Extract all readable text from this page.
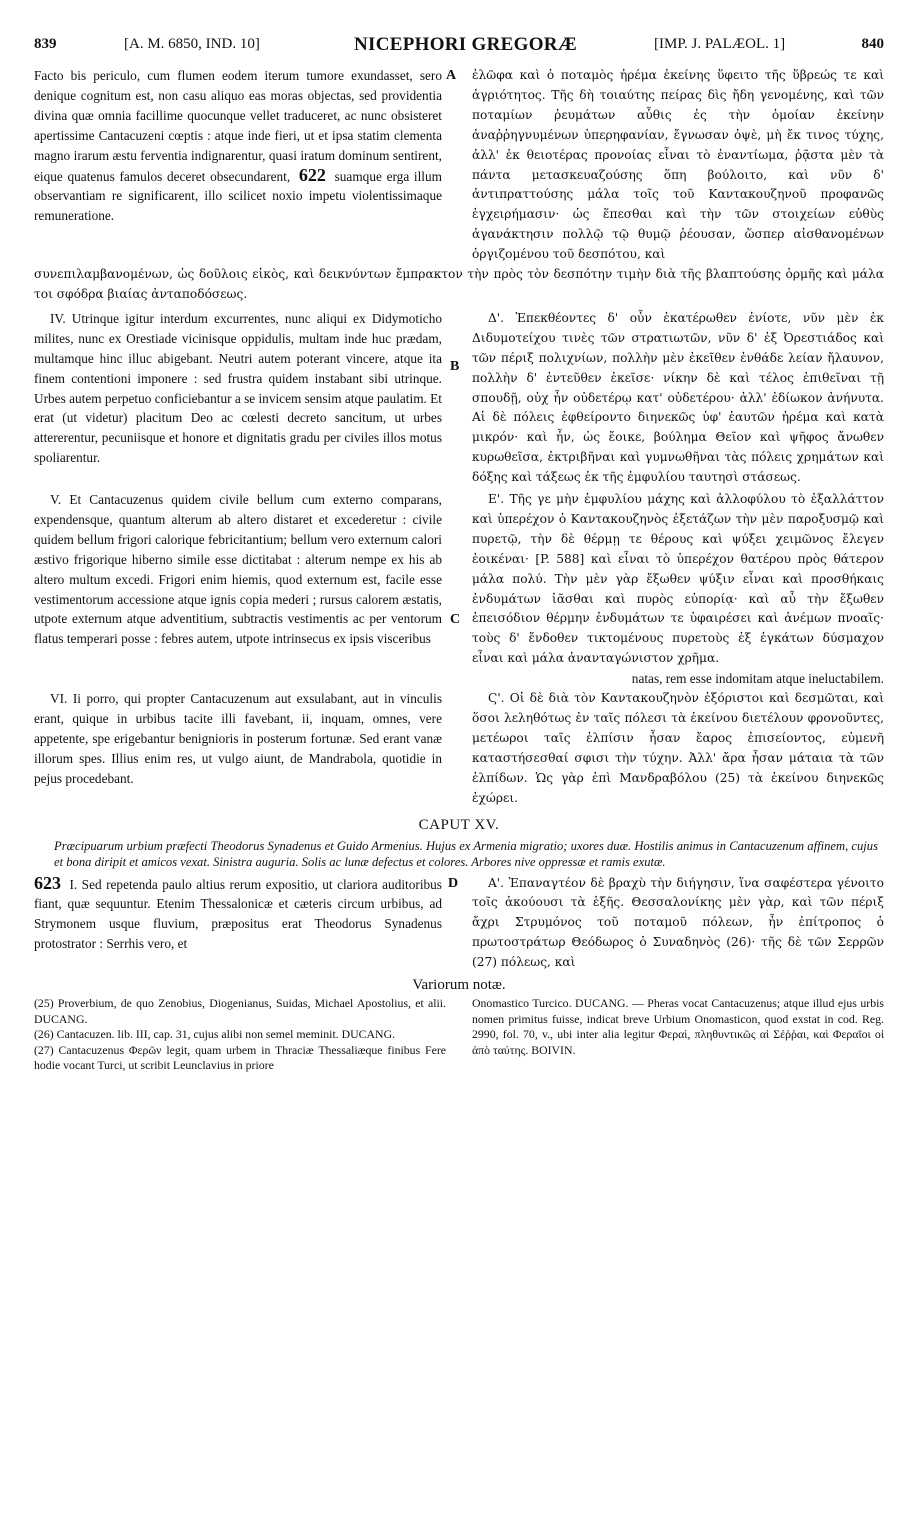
839	[A. M. 6850, IND. 10]	NICEPHORI GREGORÆ	[IMP. J. PALÆOL. 1]	840
A

Facto bis periculo, cum flumen eodem iterum tumore exundasset, sero denique cognitum est, non casu aliquo eas moras objectas, sed providentia divina quæ omnia facillime quocunque vellet traduceret, ac nunc obsisteret apertissime Cantacuzeni cœptis : atque inde fieri, ut et ipsa statim clementa magno irarum æstu ferventia indignarentur, quasi iratum dominum sentirent, eique quatenus famulos deceret obsecundarent, 622 suamque erga illum observantiam re significarent, illo scilicet noxio impetu violentissimaque remuneratione.

ἐλῶφα καὶ ὁ ποταμὸς ἠρέμα ἐκείνης ὕφειτο τῆς ὕβρεώς τε καὶ ἀγριότητος. Τῆς δὴ τοιαύτης πείρας δὶς ἤδη γενομένης, καὶ τῶν ποταμίων ῥευμάτων αὖθις ἐς τὴν ὁμοίαν ἐκείνην ἀναῤῥηγνυμένων ὑπερηφανίαν, ἔγνωσαν ὀψὲ, μὴ ἔκ τινος τύχης, ἀλλ' ἐκ θειοτέρας προνοίας εἶναι τὸ ἐναντίωμα, ῥᾷστα μὲν τὰ πάντα μετασκευαζούσης ὅπη βούλοιτο, καὶ νῦν δ' ἀντιπραττούσης μάλα τοῖς τοῦ Καντακουζηνοῦ προφανῶς ἐγχειρήμασιν· ὡς ἕπεσθαι καὶ τὴν τῶν στοιχείων εὐθὺς ἀγανάκτησιν πολλῷ τῷ θυμῷ ῥέουσαν, ὥσπερ αἰσθανομένων ὀργιζομένου τοῦ δεσπότου, καὶ

συνεπιλαμβανομένων, ὡς δοῦλοις εἰκὸς, καὶ δεικνύντων ἔμπρακτον τὴν πρὸς τὸν δεσπότην τιμὴν διὰ τῆς βλαπτούσης ὁρμῆς καὶ μάλα τοι σφόδρα βιαίας ἀνταποδόσεως.

B

IV. Utrinque igitur interdum excurrentes, nunc aliqui ex Didymoticho milites, nunc ex Orestiade vicinisque oppidulis, multam inde huc prædam, multamque hinc illuc abigebant. Neutri autem poterant vincere, atque ita finem contentioni imponere : sed frustra quidem instabant sibi utrinque. Urbes autem perpetuo conficiebantur a se invicem sensim atque paulatim. Et erat (ut videtur) placitum Deo ac cœlesti decreto sancitum, ut urbes attererentur, pecuniisque et honore et dignitatis gradu per civiles illos motus spoliarentur.

Δ'. Ἐπεκθέοντες δ' οὖν ἑκατέρωθεν ἐνίοτε, νῦν μὲν ἐκ Διδυμοτείχου τινὲς τῶν στρατιωτῶν, νῦν δ' ἐξ Ὀρεστιάδος καὶ τῶν πέριξ πολιχνίων, πολλὴν μὲν ἐκεῖθεν ἐνθάδε λείαν ἤλαυνον, πολλὴν δ' ἐντεῦθεν ἐκεῖσε· νίκην δὲ καὶ τέλος ἐπιθεῖναι τῇ σπουδῇ, οὐχ ἦν οὐδετέρῳ κατ' οὐδετέρου· ἀλλ' ἐδίωκον ἀνήνυτα. Αἱ δὲ πόλεις ἐφθείροντο διηνεκῶς ὑφ' ἑαυτῶν ἠρέμα καὶ κατὰ μικρόν· καὶ ἦν, ὡς ἔοικε, βούλημα Θεῖον καὶ ψῆφος ἄνωθεν κυρωθεῖσα, ἐκτριβῆναι καὶ γυμνωθῆναι τὰς πόλεις χρημάτων καὶ δόξης καὶ τάξεως ἐκ τῆς ἐμφυλίου ταυτησὶ στάσεως.

C

V. Et Cantacuzenus quidem civile bellum cum externo comparans, expendensque, quantum alterum ab altero distaret et excederetur : civile quidem bellum frigori calorique febricitantium; bellum vero externum calori æstivo frigorique hiberno simile esse dictitabat : alterum nempe ex his ab altero multum excedi. Frigori enim hiemis, quod externum est, facile esse vestimentorum accessione atque ignis copia mederi ; rursus calorem æstatis, utpote externum atque adventitium, subtractis vestimentis ac per ventorum flatus temperari posse : febres autem, utpote intrinsecus ex ipsis visceribus

Ε'. Τῆς γε μὴν ἐμφυλίου μάχης καὶ ἀλλοφύλου τὸ ἐξαλλάττον καὶ ὑπερέχον ὁ Καντακουζηνὸς ἐξετάζων τὴν μὲν παροξυσμῷ καὶ πυρετῷ, τὴν δὲ θέρμῃ τε θέρους καὶ ψύξει χειμῶνος ἔλεγεν ἐοικέναι· [P. 588] καὶ εἶναι τὸ ὑπερέχον θατέρου πρὸς θάτερον μάλα πολύ. Τὴν μὲν γὰρ ἔξωθεν ψύξιν εἶναι καὶ προσθήκαις ἐνδυμάτων ἰᾶσθαι καὶ πυρὸς εὐπορίᾳ· καὶ αὖ τὴν ἔξωθεν ἐπεισόδιον θέρμην ἐνδυμάτων τε ὑφαιρέσει καὶ ἀνέμων πνοαῖς· τοὺς δ' ἔνδοθεν τικτομένους πυρετοὺς ἐξ ἐγκάτων δύσμαχον εἶναι καὶ μάλα ἀνανταγώνιστον χρῆμα.

natas, rem esse indomitam atque ineluctabilem.

VI. Ii porro, qui propter Cantacuzenum aut exsulabant, aut in vinculis erant, quique in urbibus tacite illi favebant, ii, inquam, omnes, vere appetente, spe erigebantur benignioris in posterum fortunæ. Sed erant vanæ illorum spes. Illius enim res, ut vulgo aiunt, de Mandrabola, quotidie in pejus procedebant.

Ϛ'. Οἱ δὲ διὰ τὸν Καντακουζηνὸν ἐξόριστοι καὶ δεσμῶται, καὶ ὅσοι λεληθότως ἐν ταῖς πόλεσι τὰ ἐκείνου διετέλουν φρονοῦντες, μετέωροι ταῖς ἐλπίσιν ἦσαν ἔαρος ἐπισείοντος, εὐμενῆ καταστήσεσθαί σφισι τὴν τύχην. Ἀλλ' ἄρα ἦσαν μάταια τὰ τῶν ἐλπίδων. Ὡς γὰρ ἐπὶ Μανδραβόλου (25) τὰ ἐκείνου διηνεκῶς ἐχώρει.

CAPUT XV.
Præcipuarum urbium præfecti Theodorus Synadenus et Guido Armenius. Hujus ex Armenia migratio; uxores duæ. Hostilis animus in Cantacuzenum affinem, cujus et bona diripit et amicos vexat. Sinistra auguria. Solis ac lunæ defectus et colores. Arbores nive oppressæ et ramis exutæ.
D

623 I. Sed repetenda paulo altius rerum expositio, ut clariora auditoribus fiant, quæ sequuntur. Etenim Thessalonicæ et cæteris circum urbibus, ad Strymonem usque fluvium, præpositus erat Theodorus Synadenus protostrator : Serrhis vero, et

Α'. Ἐπαναγτέον δὲ βραχὺ τὴν διήγησιν, ἵνα σαφέστερα γένοιτο τοῖς ἀκούουσι τὰ ἑξῆς. Θεσσαλονίκης μὲν γὰρ, καὶ τῶν πέριξ ἄχρι Στρυμόνος τοῦ ποταμοῦ πόλεων, ἦν ἐπίτροπος ὁ πρωτοστράτωρ Θεόδωρος ὁ Συναδηνὸς (26)· τῆς δὲ τῶν Σερρῶν (27) πόλεως, καὶ

Variorum notæ.

(25) Proverbium, de quo Zenobius, Diogenianus, Suidas, Michael Apostolius, et alii. DUCANG.

(26) Cantacuzen. lib. III, cap. 31, cujus alibi non semel meminit. DUCANG.

(27) Cantacuzenus Φερῶν legit, quam urbem in Thraciæ Thessaliæque finibus Fere hodie vocant Turci, ut scribit Leunclavius in priore

Onomastico Turcico. DUCANG. — Pheras vocat Cantacuzenus; atque illud ejus urbis nomen primitus fuisse, indicat breve Urbium Onomasticon, quod exstat in cod. Reg. 2990, fol. 70, v., ubi inter alia legitur Φεραὶ, πληθυντικῶς αἱ Σέῤῥαι, καὶ Φεραῖοι οἱ ἀπὸ ταύτης. BOIVIN.
